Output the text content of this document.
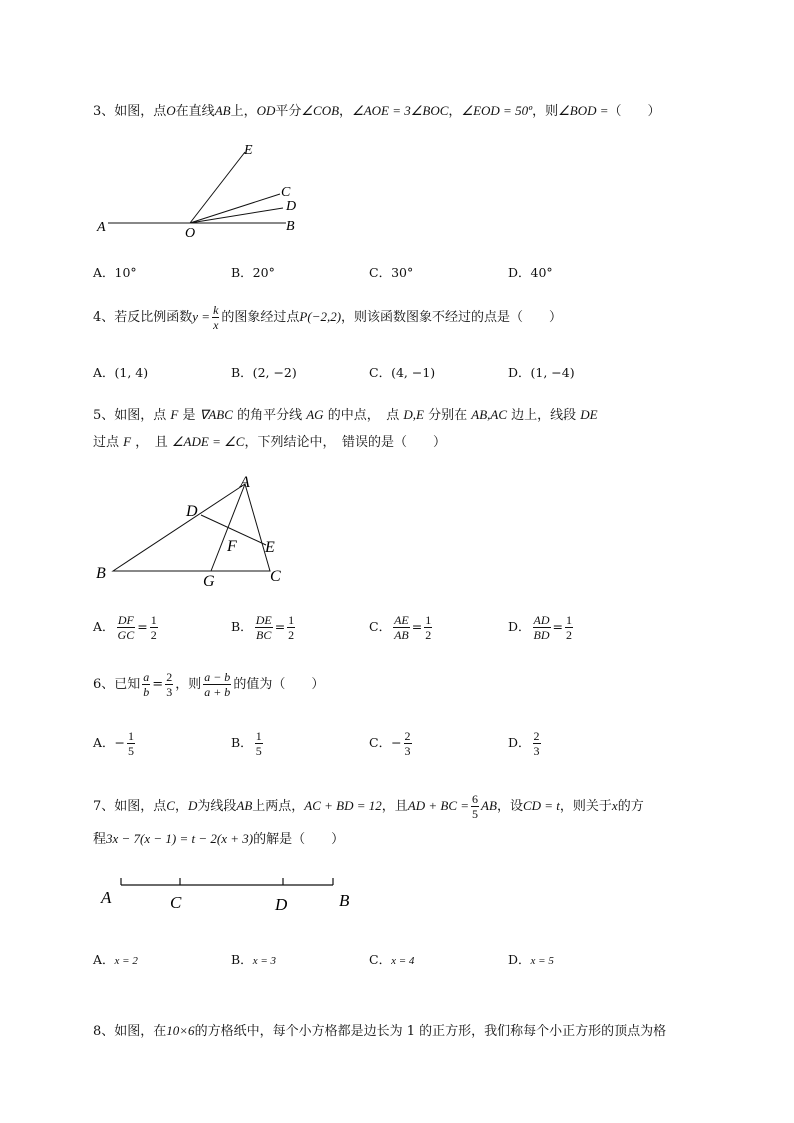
3、如图，点O在直线AB上，OD平分∠COB，∠AOE = 3∠BOC，∠EOD = 50º，则∠BOD =（　　）
A	O	B
C
D
E
A．10°	B．20°	C．30°	D．40°
4、若反比例函数$y = \frac{k}{x}$ 的图象经过点P(−2,2)，则该函数图象不经过的点是（　　）
A．(1, 4)	B．(2, −2)	C．(4, −1)	D．(1, −4)
5、如图，点 F 是 ∇ABC 的角平分线 AG 的中点，　点 D,E 分别在 AB,AC 边上，线段 DE
过点 F ，　且 ∠ADE = ∠C，下列结论中，　错误的是（　　）
A
B	C
D
E
F
G
A． $\frac{DF}{GC} = \frac{1}{2}$	B． $\frac{DE}{BC} = \frac{1}{2}$	C． $\frac{AE}{AB} = \frac{1}{2}$	D． $\frac{AD}{BD} = \frac{1}{2}$
6、已知 $\frac{a}{b} = \frac{2}{3}$ ，则 $\frac{a - b}{a + b}$ 的值为（　　）
A．− $\frac{1}{5}$	B． $\frac{1}{5}$	C．− $\frac{2}{3}$	D． $\frac{2}{3}$
7、如图，点C，D为线段AB上两点，AC + BD = 12，且AD + BC = $\frac{6}{5}$ AB，设CD = t，则关于x的方
程3x − 7(x − 1) = t − 2(x + 3)的解是（　　）
A	C	D	B
A．x = 2	B．x = 3	C．x = 4	D．x = 5
8、如图，在10×6的方格纸中，每个小方格都是边长为 1 的正方形，我们称每个小正方形的顶点为格
